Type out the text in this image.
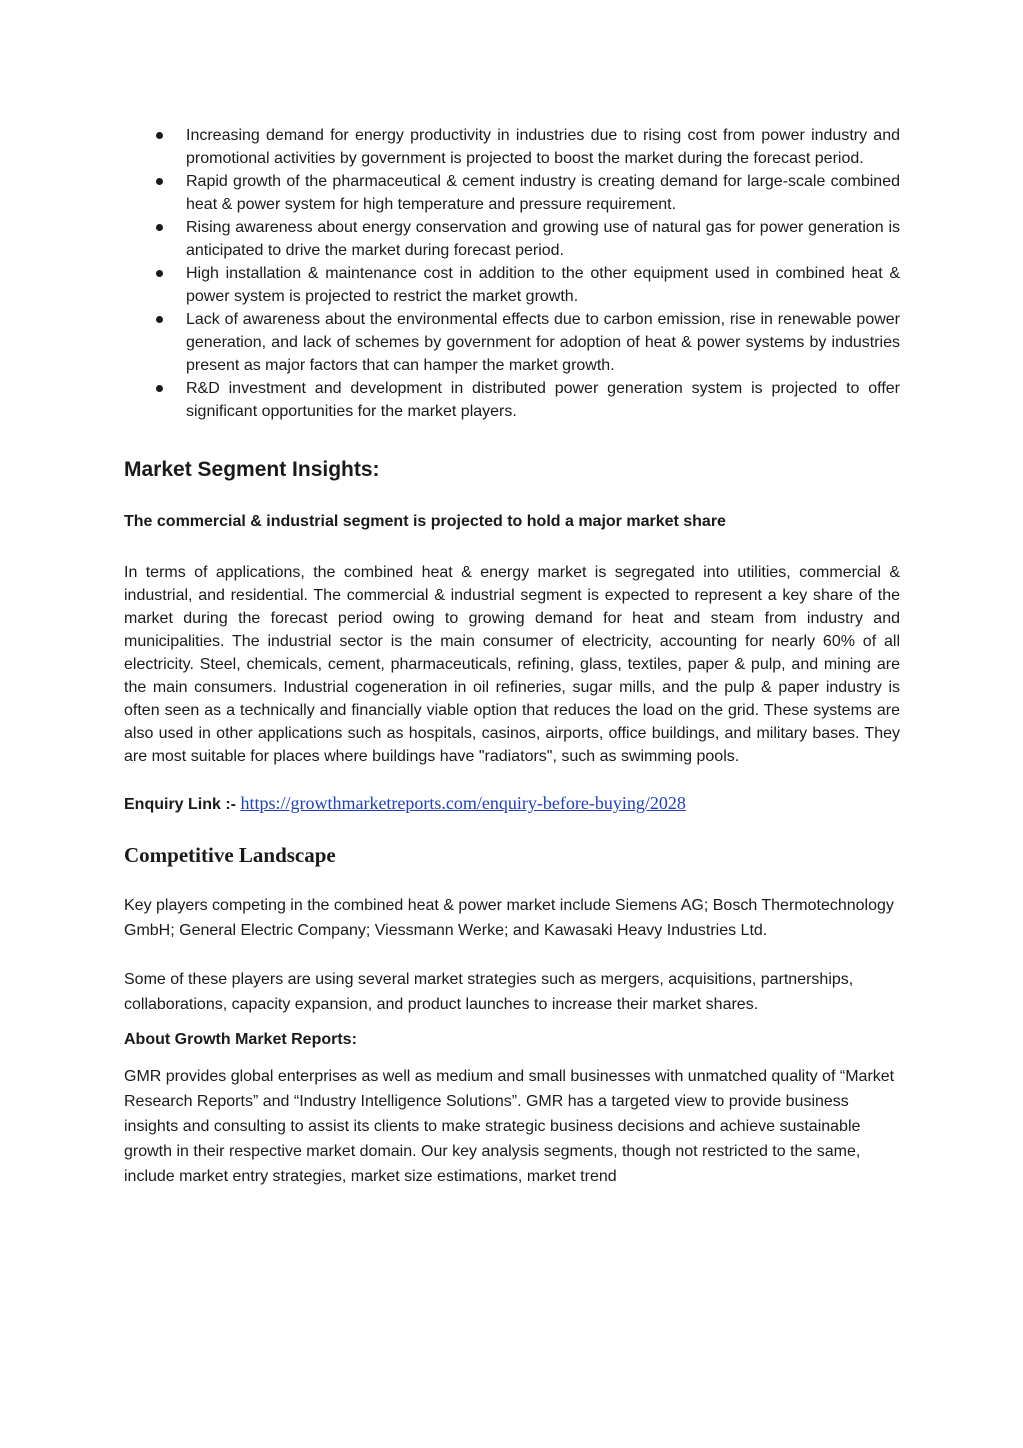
Increasing demand for energy productivity in industries due to rising cost from power industry and promotional activities by government is projected to boost the market during the forecast period.
Rapid growth of the pharmaceutical & cement industry is creating demand for large-scale combined heat & power system for high temperature and pressure requirement.
Rising awareness about energy conservation and growing use of natural gas for power generation is anticipated to drive the market during forecast period.
High installation & maintenance cost in addition to the other equipment used in combined heat & power system is projected to restrict the market growth.
Lack of awareness about the environmental effects due to carbon emission, rise in renewable power generation, and lack of schemes by government for adoption of heat & power systems by industries present as major factors that can hamper the market growth.
R&D investment and development in distributed power generation system is projected to offer significant opportunities for the market players.
Market Segment Insights:
The commercial & industrial segment is projected to hold a major market share

In terms of applications, the combined heat & energy market is segregated into utilities, commercial & industrial, and residential. The commercial & industrial segment is expected to represent a key share of the market during the forecast period owing to growing demand for heat and steam from industry and municipalities. The industrial sector is the main consumer of electricity, accounting for nearly 60% of all electricity. Steel, chemicals, cement, pharmaceuticals, refining, glass, textiles, paper & pulp, and mining are the main consumers. Industrial cogeneration in oil refineries, sugar mills, and the pulp & paper industry is often seen as a technically and financially viable option that reduces the load on the grid. These systems are also used in other applications such as hospitals, casinos, airports, office buildings, and military bases. They are most suitable for places where buildings have "radiators", such as swimming pools.

Enquiry Link :- https://growthmarketreports.com/enquiry-before-buying/2028
Competitive Landscape

Key players competing in the combined heat & power market include Siemens AG; Bosch Thermotechnology GmbH; General Electric Company; Viessmann Werke; and Kawasaki Heavy Industries Ltd.

Some of these players are using several market strategies such as mergers, acquisitions, partnerships, collaborations, capacity expansion, and product launches to increase their market shares.

About Growth Market Reports:

GMR provides global enterprises as well as medium and small businesses with unmatched quality of “Market Research Reports” and “Industry Intelligence Solutions”. GMR has a targeted view to provide business insights and consulting to assist its clients to make strategic business decisions and achieve sustainable growth in their respective market domain. Our key analysis segments, though not restricted to the same, include market entry strategies, market size estimations, market trend
